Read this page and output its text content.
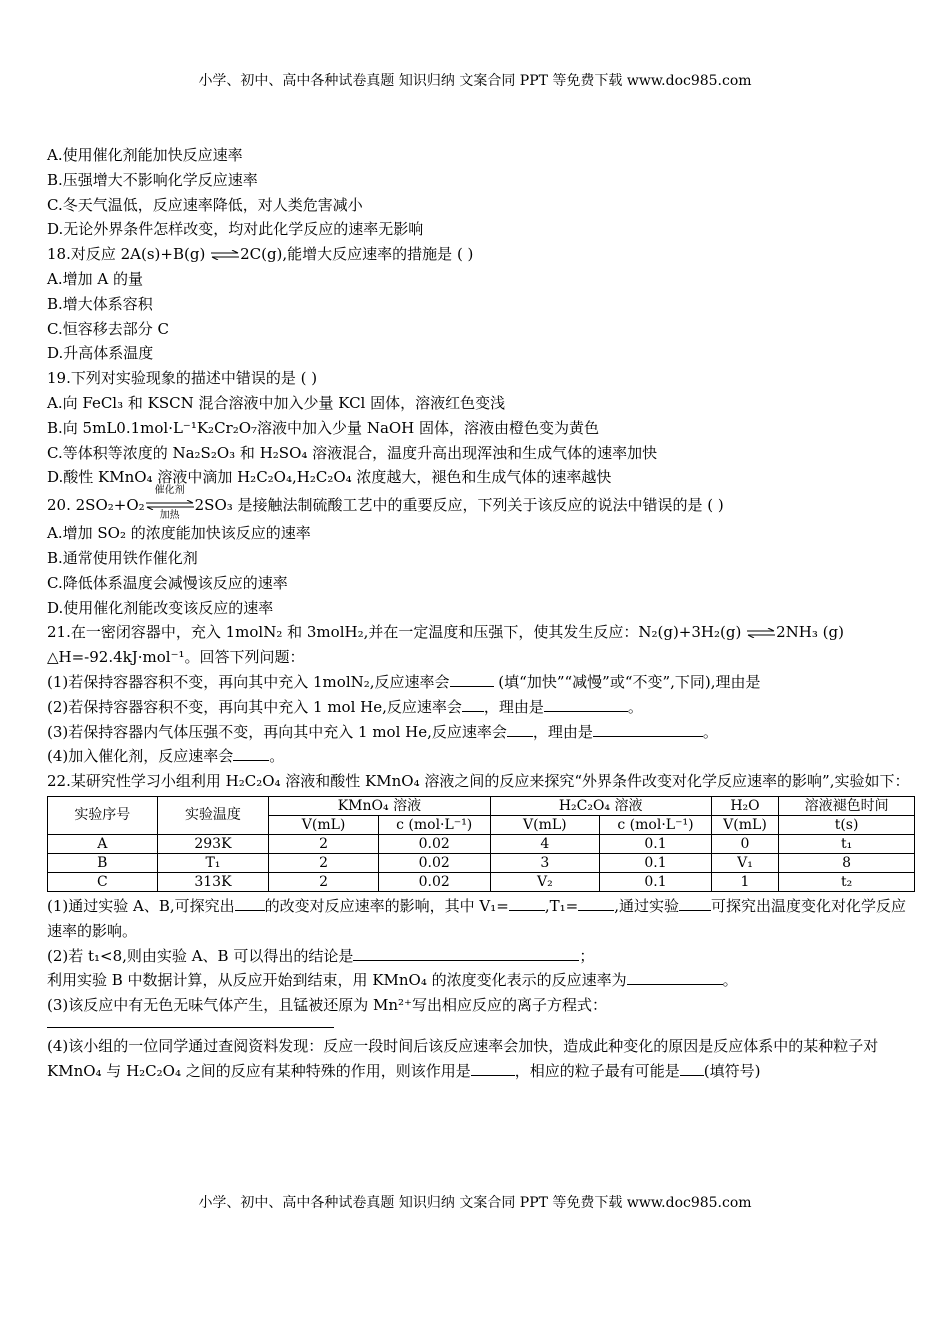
小学、初中、高中各种试卷真题 知识归纳 文案合同 PPT 等免费下载 www.doc985.com
A.使用催化剂能加快反应速率
B.压强增大不影响化学反应速率
C.冬天气温低，反应速率降低，对人类危害减小
D.无论外界条件怎样改变，均对此化学反应的速率无影响
18.对反应 2A(s)+B(g) ⇌2C(g),能增大反应速率的措施是 ( )
A.增加 A 的量
B.增大体系容积
C.恒容移去部分 C
D.升高体系温度
19.下列对实验现象的描述中错误的是 ( )
A.向 FeCl₃ 和 KSCN 混合溶液中加入少量 KCl 固体，溶液红色变浅
B.向 5mL0.1mol·L⁻¹K₂Cr₂O₇溶液中加入少量 NaOH 固体，溶液由橙色变为黄色
C.等体积等浓度的 Na₂S₂O₃ 和 H₂SO₄ 溶液混合，温度升高出现浑浊和生成气体的速率加快
D.酸性 KMnO₄ 溶液中滴加 H₂C₂O₄,H₂C₂O₄ 浓度越大，褪色和生成气体的速率越快
20. 2SO₂+O₂
催化剂
加热
2SO₃ 是接触法制硫酸工艺中的重要反应，下列关于该反应的说法中错误的是 ( )
A.增加 SO₂ 的浓度能加快该反应的速率
B.通常使用铁作催化剂
C.降低体系温度会减慢该反应的速率
D.使用催化剂能改变该反应的速率
21.在一密闭容器中，充入 1molN₂ 和 3molH₂,并在一定温度和压强下，使其发生反应：N₂(g)+3H₂(g) ⇌2NH₃ (g)
△H=-92.4kJ·mol⁻¹。回答下列问题：
(1)若保持容器容积不变，再向其中充入 1molN₂,反应速率会	(填“加快”“减慢”或“不变”,下同),理由是
(2)若保持容器容积不变，再向其中充入 1 mol He,反应速率会 ，理由是	。
(3)若保持容器内气体压强不变，再向其中充入 1 mol He,反应速率会 ，理由是	。
(4)加入催化剂，反应速率会 。
22.某研究性学习小组利用 H₂C₂O₄ 溶液和酸性 KMnO₄ 溶液之间的反应来探究“外界条件改变对化学反应速率的影响”,实验如下：
实验序号	实验温度	KMnO₄ 溶液		H₂C₂O₄ 溶液		H₂O	溶液褪色时间
		V(mL)	c (mol·L⁻¹)	V(mL)	c (mol·L⁻¹)	V(mL)	t(s)
A	293K	2	0.02	4	0.1	0	t₁
B	T₁	2	0.02	3	0.1	V₁	8
C	313K	2	0.02	V₂	0.1	1	t₂
(1)通过实验 A、B,可探究出 的改变对反应速率的影响，其中 V₁= ,T₁= ,通过实验 可探究出温度变化对化学反应速率的影响。
(2)若 t₁<8,则由实验 A、B 可以得出的结论是	；
利用实验 B 中数据计算，从反应开始到结束，用 KMnO₄ 的浓度变化表示的反应速率为	。
(3)该反应中有无色无味气体产生，且锰被还原为 Mn²⁺写出相应反应的离子方程式：
(4)该小组的一位同学通过查阅资料发现：反应一段时间后该反应速率会加快，造成此种变化的原因是反应体系中的某种粒子对 KMnO₄ 与 H₂C₂O₄ 之间的反应有某种特殊的作用，则该作用是	，相应的粒子最有可能是 (填符号)
小学、初中、高中各种试卷真题 知识归纳 文案合同 PPT 等免费下载 www.doc985.com
